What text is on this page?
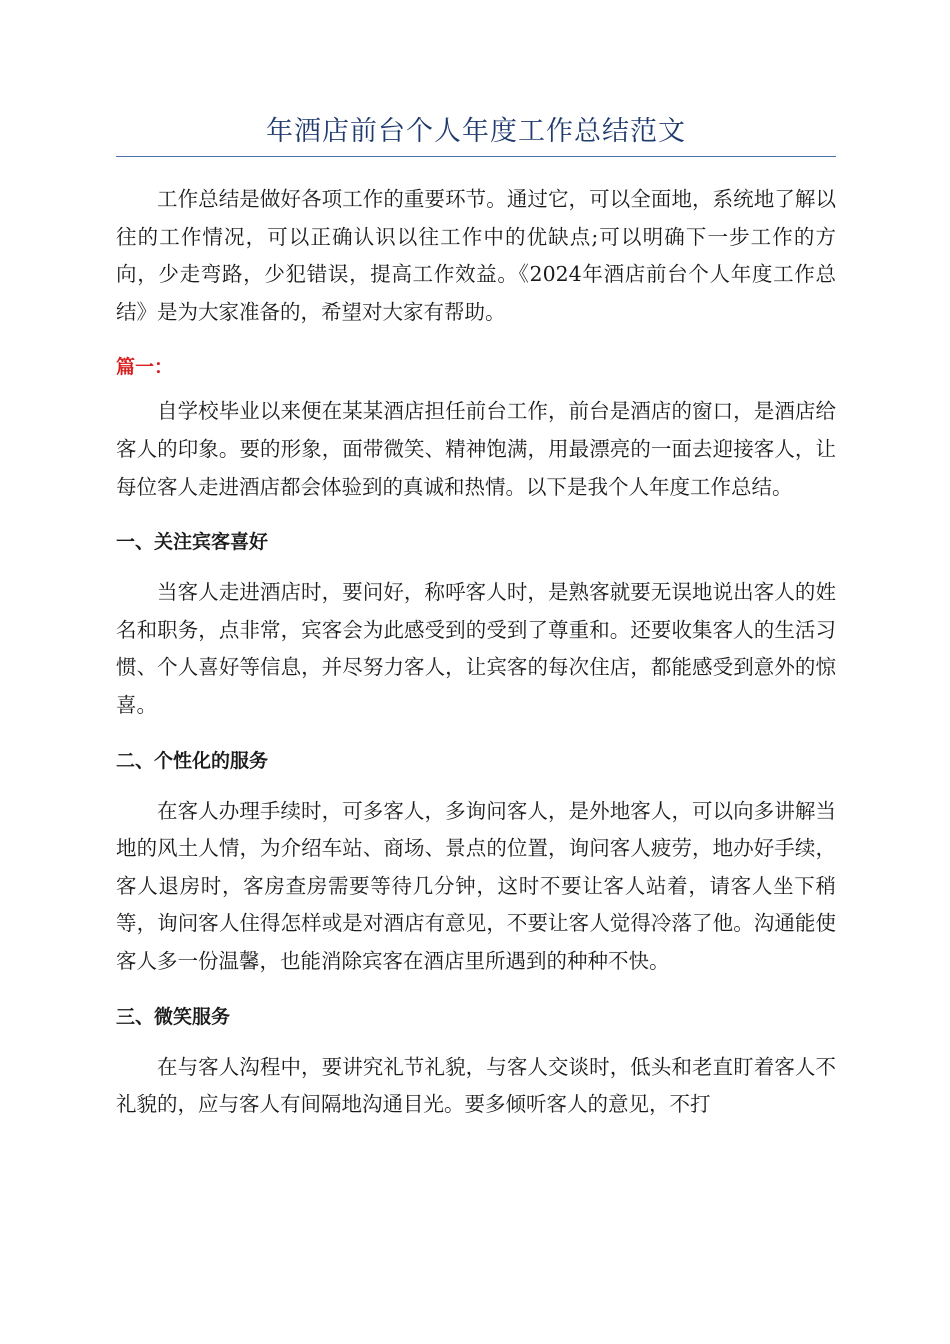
年酒店前台个人年度工作总结范文

工作总结是做好各项工作的重要环节。通过它，可以全面地，系统地了解以往的工作情况，可以正确认识以往工作中的优缺点;可以明确下一步工作的方向，少走弯路，少犯错误，提高工作效益。《2024年酒店前台个人年度工作总结》是为大家准备的，希望对大家有帮助。

篇一：

自学校毕业以来便在某某酒店担任前台工作，前台是酒店的窗口，是酒店给客人的印象。要的形象，面带微笑、精神饱满，用最漂亮的一面去迎接客人，让每位客人走进酒店都会体验到的真诚和热情。以下是我个人年度工作总结。

一、关注宾客喜好

当客人走进酒店时，要问好，称呼客人时，是熟客就要无误地说出客人的姓名和职务，点非常，宾客会为此感受到的受到了尊重和。还要收集客人的生活习惯、个人喜好等信息，并尽努力客人，让宾客的每次住店，都能感受到意外的惊喜。

二、个性化的服务

在客人办理手续时，可多客人，多询问客人，是外地客人，可以向多讲解当地的风土人情，为介绍车站、商场、景点的位置，询问客人疲劳，地办好手续，客人退房时，客房查房需要等待几分钟，这时不要让客人站着，请客人坐下稍等，询问客人住得怎样或是对酒店有意见，不要让客人觉得冷落了他。沟通能使客人多一份温馨，也能消除宾客在酒店里所遇到的种种不快。

三、微笑服务

在与客人沟程中，要讲究礼节礼貌，与客人交谈时，低头和老直盯着客人不礼貌的，应与客人有间隔地沟通目光。要多倾听客人的意见，不打
